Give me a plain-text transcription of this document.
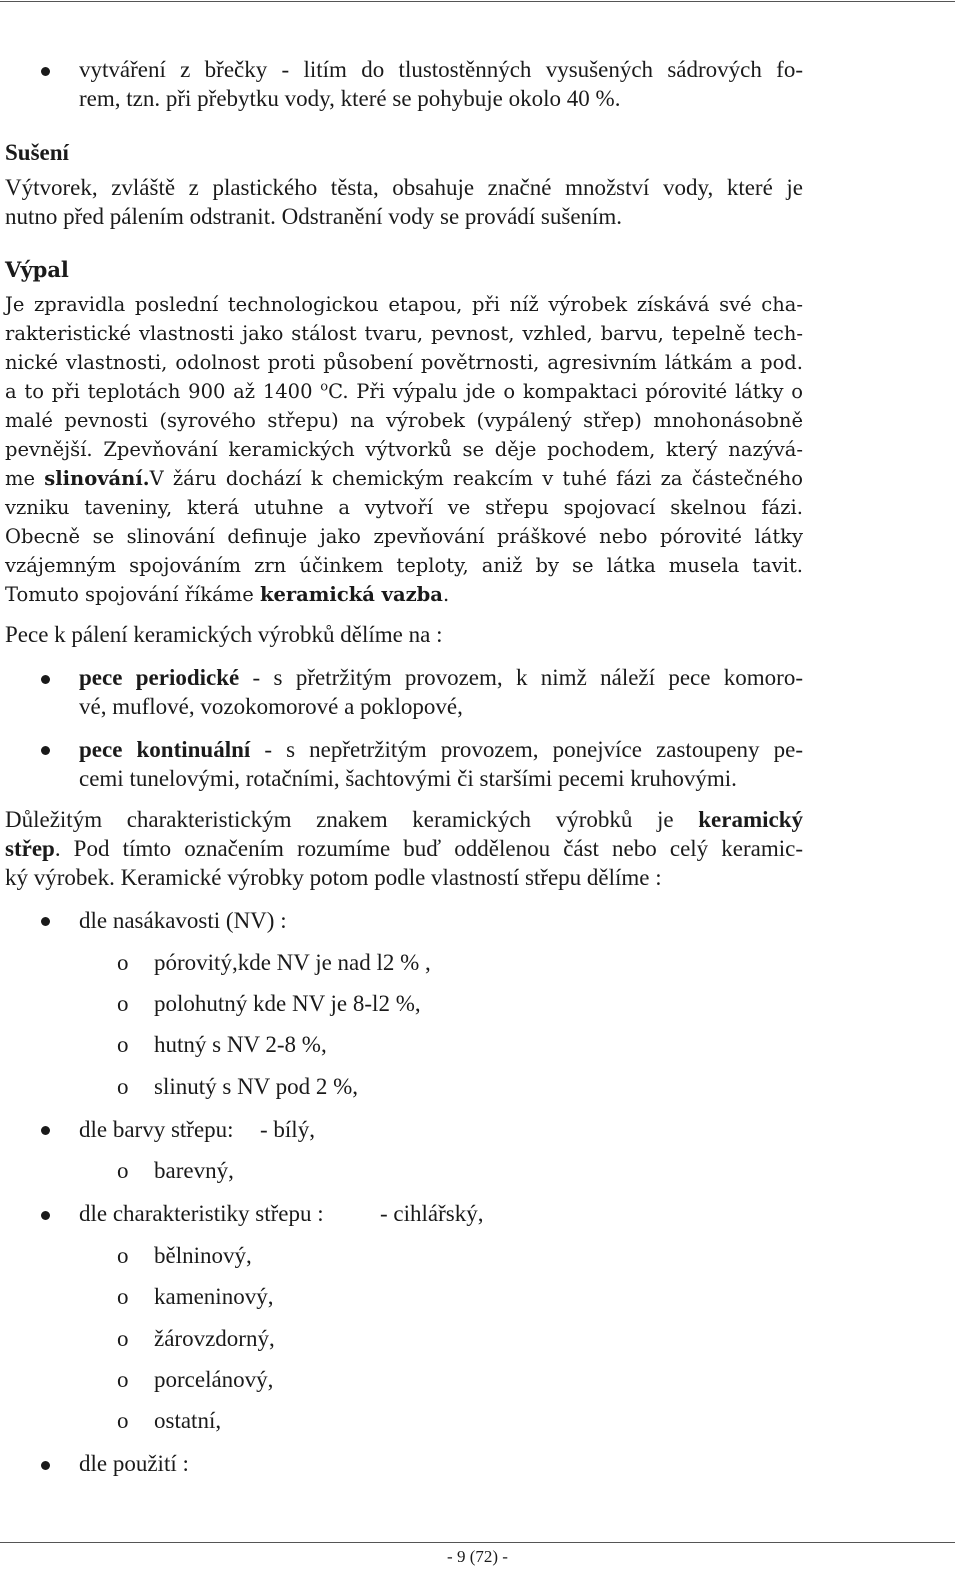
vytváření z břečky - litím do tlustostěnných vysušených sádrových fo-
rem, tzn. při přebytku vody, které se pohybuje okolo 40 %.
Sušení
Výtvorek, zvláště z plastického těsta, obsahuje značné množství vody, které je
nutno před pálením odstranit. Odstranění vody se provádí sušením.
Výpal
Je zpravidla poslední technologickou etapou, při níž výrobek získává své cha-
rakteristické vlastnosti jako stálost tvaru, pevnost, vzhled, barvu, tepelně tech-
nické vlastnosti, odolnost proti působení povětrnosti, agresivním látkám a pod.
a to při teplotách 900 až 1400 $^o$C. Při výpalu jde o kompaktaci pórovité látky o
malé pevnosti (syrového střepu) na výrobek (vypálený střep) mnohonásobně
pevnější. Zpevňování keramických výtvorků se děje pochodem, který nazývá-
me slinování.V žáru dochází k chemickým reakcím v tuhé fázi za částečného
vzniku taveniny, která utuhne a vytvoří ve střepu spojovací skelnou fázi.
Obecně se slinování definuje jako zpevňování práškové nebo pórovité látky
vzájemným spojováním zrn účinkem teploty, aniž by se látka musela tavit.
Tomuto spojování říkáme keramická vazba.
Pece k pálení keramických výrobků dělíme na :
pece periodické - s přetržitým provozem, k nimž náleží pece komoro-
vé, muflové, vozokomorové a poklopové,
pece kontinuální - s nepřetržitým provozem, ponejvíce zastoupeny pe-
cemi tunelovými, rotačními, šachtovými či staršími pecemi kruhovými.
Důležitým charakteristickým znakem keramických výrobků je keramický
střep. Pod tímto označením rozumíme buď oddělenou část nebo celý keramic-
ký výrobek. Keramické výrobky potom podle vlastností střepu dělíme :
dle nasákavosti (NV) :
o pórovitý,kde NV je nad l2 % ,
o polohutný kde NV je 8-l2 %,
o hutný s NV 2-8 %,
o slinutý s NV pod 2 %,
dle barvy střepu: - bílý,
o barevný,
dle charakteristiky střepu : - cihlářský,
o bělninový,
o kameninový,
o žárovzdorný,
o porcelánový,
o ostatní,
dle použití :
- 9 (72) -
